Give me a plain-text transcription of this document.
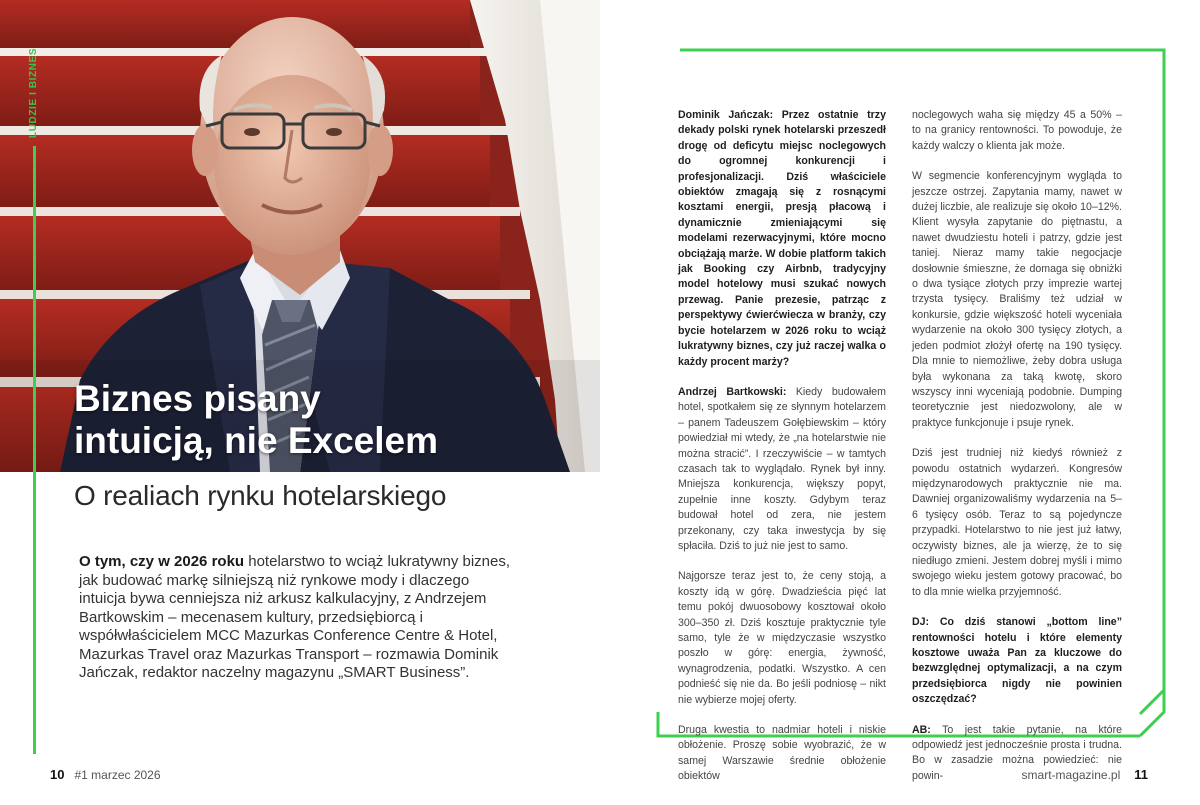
LUDZIE I BIZNES
Biznes pisany
intuicją, nie Excelem
O realiach rynku hotelarskiego

O tym, czy w 2026 roku hotelarstwo to wciąż lukratywny biznes, jak budować markę silniejszą niż rynkowe mody i dlaczego intuicja bywa cenniejsza niż arkusz kalkulacyjny, z Andrzejem Bartkowskim – mecenasem kultury, przedsiębiorcą i współwłaścicielem MCC Mazurkas Conference Centre & Hotel, Mazurkas Travel oraz Mazurkas Transport – rozmawia Dominik Jańczak, redaktor naczelny magazynu „SMART Business”.

10 #1 marzec 2026

Dominik Jańczak: Przez ostatnie trzy dekady polski rynek hotelarski przeszedł drogę od deficytu miejsc noclegowych do ogromnej konkurencji i profesjonalizacji. Dziś właściciele obiektów zmagają się z rosnącymi kosztami energii, presją płacową i dynamicznie zmieniającymi się modelami rezerwacyjnymi, które mocno obciążają marże. W dobie platform takich jak Booking czy Airbnb, tradycyjny model hotelowy musi szukać nowych przewag. Panie prezesie, patrząc z perspektywy ćwierćwiecza w branży, czy bycie hotelarzem w 2026 roku to wciąż lukratywny biznes, czy już raczej walka o każdy procent marży?

Andrzej Bartkowski: Kiedy budowałem hotel, spotkałem się ze słynnym hotelarzem – panem Tadeuszem Gołębiewskim – który powiedział mi wtedy, że „na hotelarstwie nie można stracić”. I rzeczywiście – w tamtych czasach tak to wyglądało. Rynek był inny. Mniejsza konkurencja, większy popyt, zupełnie inne koszty. Gdybym teraz budował hotel od zera, nie jestem przekonany, czy taka inwestycja by się spłaciła. Dziś to już nie jest to samo.

Najgorsze teraz jest to, że ceny stoją, a koszty idą w górę. Dwadzieścia pięć lat temu pokój dwuosobowy kosztował około 300–350 zł. Dziś kosztuje praktycznie tyle samo, tyle że w międzyczasie wszystko poszło w górę: energia, żywność, wynagrodzenia, podatki. Wszystko. A cen podnieść się nie da. Bo jeśli podniosę – nikt nie wybierze mojej oferty.

Druga kwestia to nadmiar hoteli i niskie obłożenie. Proszę sobie wyobrazić, że w samej Warszawie średnie obłożenie obiektów

noclegowych waha się między 45 a 50% – to na granicy rentowności. To powoduje, że każdy walczy o klienta jak może.

W segmencie konferencyjnym wygląda to jeszcze ostrzej. Zapytania mamy, nawet w dużej liczbie, ale realizuje się około 10–12%. Klient wysyła zapytanie do piętnastu, a nawet dwudziestu hoteli i patrzy, gdzie jest taniej. Nieraz mamy takie negocjacje dosłownie śmieszne, że domaga się obniżki o dwa tysiące złotych przy imprezie wartej trzysta tysięcy. Braliśmy też udział w konkursie, gdzie większość hoteli wyceniała wydarzenie na około 300 tysięcy złotych, a jeden podmiot złożył ofertę na 190 tysięcy. Dla mnie to niemożliwe, żeby dobra usługa była wykonana za taką kwotę, skoro wszyscy inni wyceniają podobnie. Dumping teoretycznie jest niedozwolony, ale w praktyce funkcjonuje i psuje rynek.

Dziś jest trudniej niż kiedyś również z powodu ostatnich wydarzeń. Kongresów międzynarodowych praktycznie nie ma. Dawniej organizowaliśmy wydarzenia na 5–6 tysięcy osób. Teraz to są pojedyncze przypadki. Hotelarstwo to nie jest już łatwy, oczywisty biznes, ale ja wierzę, że to się niedługo zmieni. Jestem dobrej myśli i mimo swojego wieku jestem gotowy pracować, bo to dla mnie wielka przyjemność.

DJ: Co dziś stanowi „bottom line” rentowności hotelu i które elementy kosztowe uważa Pan za kluczowe do bezwzględnej optymalizacji, a na czym przedsiębiorca nigdy nie powinien oszczędzać?

AB: To jest takie pytanie, na które odpowiedź jest jednocześnie prosta i trudna. Bo w zasadzie można powiedzieć: nie powin-	smart-magazine.pl 11
